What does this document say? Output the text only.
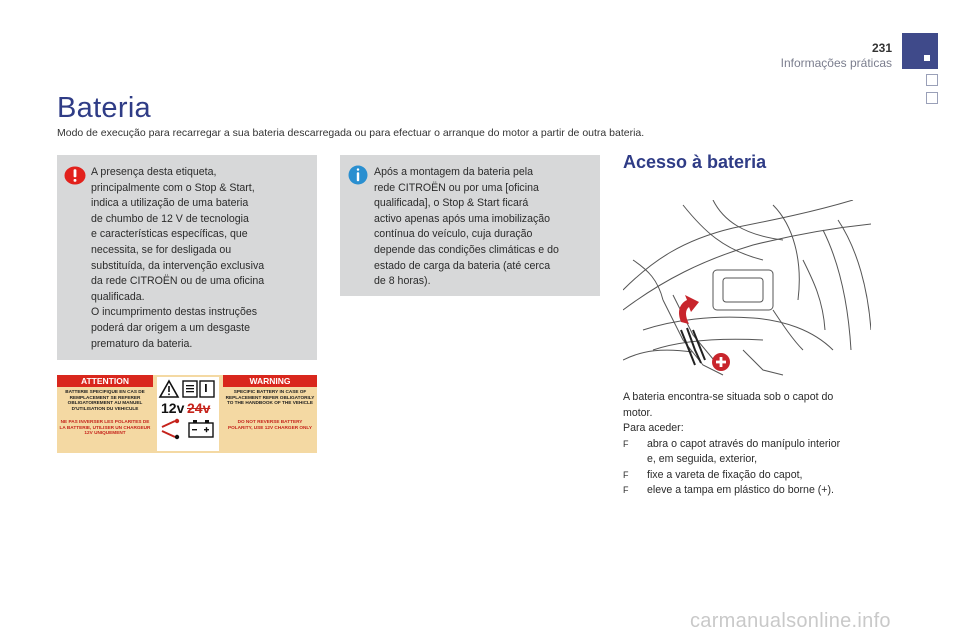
231
Informações práticas
Bateria
Modo de execução para recarregar a sua bateria descarregada ou para efectuar o arranque do motor a partir de outra bateria.
A presença desta etiqueta,
principalmente com o Stop & Start,
indica a utilização de uma bateria
de chumbo de 12 V de tecnologia
e características específicas, que
necessita, se for desligada ou
substituída, da intervenção exclusiva
da rede CITROËN ou de uma oficina
qualificada.
O incumprimento destas instruções
poderá dar origem a um desgaste
prematuro da bateria.
Após a montagem da bateria pela
rede CITROËN ou por uma [oficina
qualificada], o Stop & Start ficará
activo apenas após uma imobilização
contínua do veículo, cuja duração
depende das condições climáticas e do
estado de carga da bateria (até cerca
de 8 horas).
ATTENTION	WARNING
BATTERIE SPECIFIQUE EN CAS DE REMPLACEMENT SE REFERER OBLIGATOIREMENT AU MANUEL D'UTILISATION DU VEHICULE
NE PAS INVERSER LES POLARITES DE LA BATTERIE, UTILISER UN CHARGEUR 12V UNIQUEMENT
SPECIFIC BATTERY IN CASE OF REPLACEMENT REFER OBLIGATORILY TO THE HANDBOOK OF THE VEHICLE
DO NOT REVERSE BATTERY POLARITY, USE 12V CHARGER ONLY
12v 24v
Acesso à bateria
A bateria encontra-se situada sob o capot do
motor.
Para aceder:
F abra o capot através do manípulo interior
e, em seguida, exterior,
F fixe a vareta de fixação do capot,
F eleve a tampa em plástico do borne (+).
carmanualsonline.info
